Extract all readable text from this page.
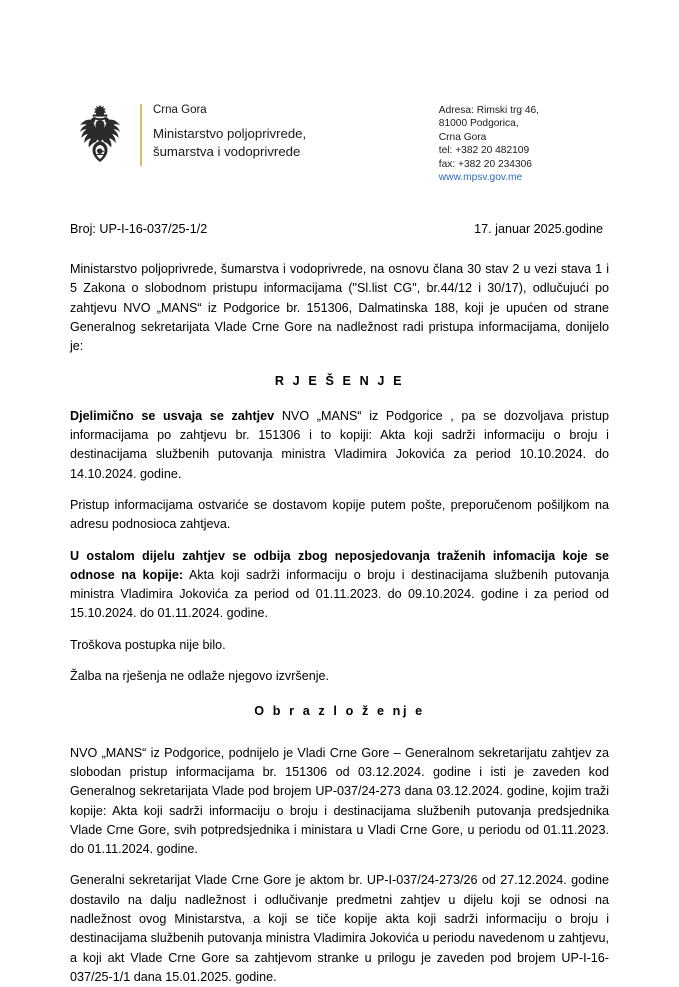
Crna Gora
Ministarstvo poljoprivrede,
šumarstva i vodoprivrede
Adresa: Rimski trg 46,
81000 Podgorica,
Crna Gora
tel: +382 20 482109
fax: +382 20 234306
www.mpsv.gov.me
Broj: UP-I-16-037/25-1/2	17. januar 2025.godine

Ministarstvo poljoprivrede, šumarstva i vodoprivrede, na osnovu člana 30 stav 2 u vezi stava 1 i 5 Zakona o slobodnom pristupu informacijama ("Sl.list CG", br.44/12 i 30/17), odlučujući po zahtjevu NVO „MANS“ iz Podgorice br. 151306, Dalmatinska 188, koji je upućen od strane Generalnog sekretarijata Vlade Crne Gore na nadležnost radi pristupa informacijama, donijelo je:

R J E Š E N J E

Djelimično se usvaja se zahtjev NVO „MANS“ iz Podgorice , pa se dozvoljava pristup informacijama po zahtjevu br. 151306 i to kopiji: Akta koji sadrži informaciju o broju i destinacijama službenih putovanja ministra Vladimira Jokovića za period 10.10.2024. do 14.10.2024. godine.

Pristup informacijama ostvariće se dostavom kopije putem pošte, preporučenom pošiljkom na adresu podnosioca zahtjeva.

U ostalom dijelu zahtjev se odbija zbog neposjedovanja traženih infomacija koje se odnose na kopije: Akta koji sadrži informaciju o broju i destinacijama službenih putovanja ministra Vladimira Jokovića za period od 01.11.2023. do 09.10.2024. godine i za period od 15.10.2024. do 01.11.2024. godine.

Troškova postupka nije bilo.

Žalba na rješenja ne odlaže njegovo izvršenje.

O b r a z l o ž e nj e

NVO „MANS“ iz Podgorice, podnijelo je Vladi Crne Gore – Generalnom sekretarijatu zahtjev za slobodan pristup informacijama br. 151306 od 03.12.2024. godine i isti je zaveden kod Generalnog sekretarijata Vlade pod brojem UP-037/24-273 dana 03.12.2024. godine, kojim traži kopije: Akta koji sadrži informaciju o broju i destinacijama službenih putovanja predsjednika Vlade Crne Gore, svih potpredsjednika i ministara u Vladi Crne Gore, u periodu od 01.11.2023. do 01.11.2024. godine.

Generalni sekretarijat Vlade Crne Gore je aktom br. UP-I-037/24-273/26 od 27.12.2024. godine dostavilo na dalju nadležnost i odlučivanje predmetni zahtjev u dijelu koji se odnosi na nadležnost ovog Ministarstva, a koji se tiče kopije akta koji sadrži informaciju o broju i destinacijama službenih putovanja ministra Vladimira Jokovića u periodu navedenom u zahtjevu, a koji akt Vlade Crne Gore sa zahtjevom stranke u prilogu je zaveden pod brojem UP-I-16-037/25-1/1 dana 15.01.2025. godine.
